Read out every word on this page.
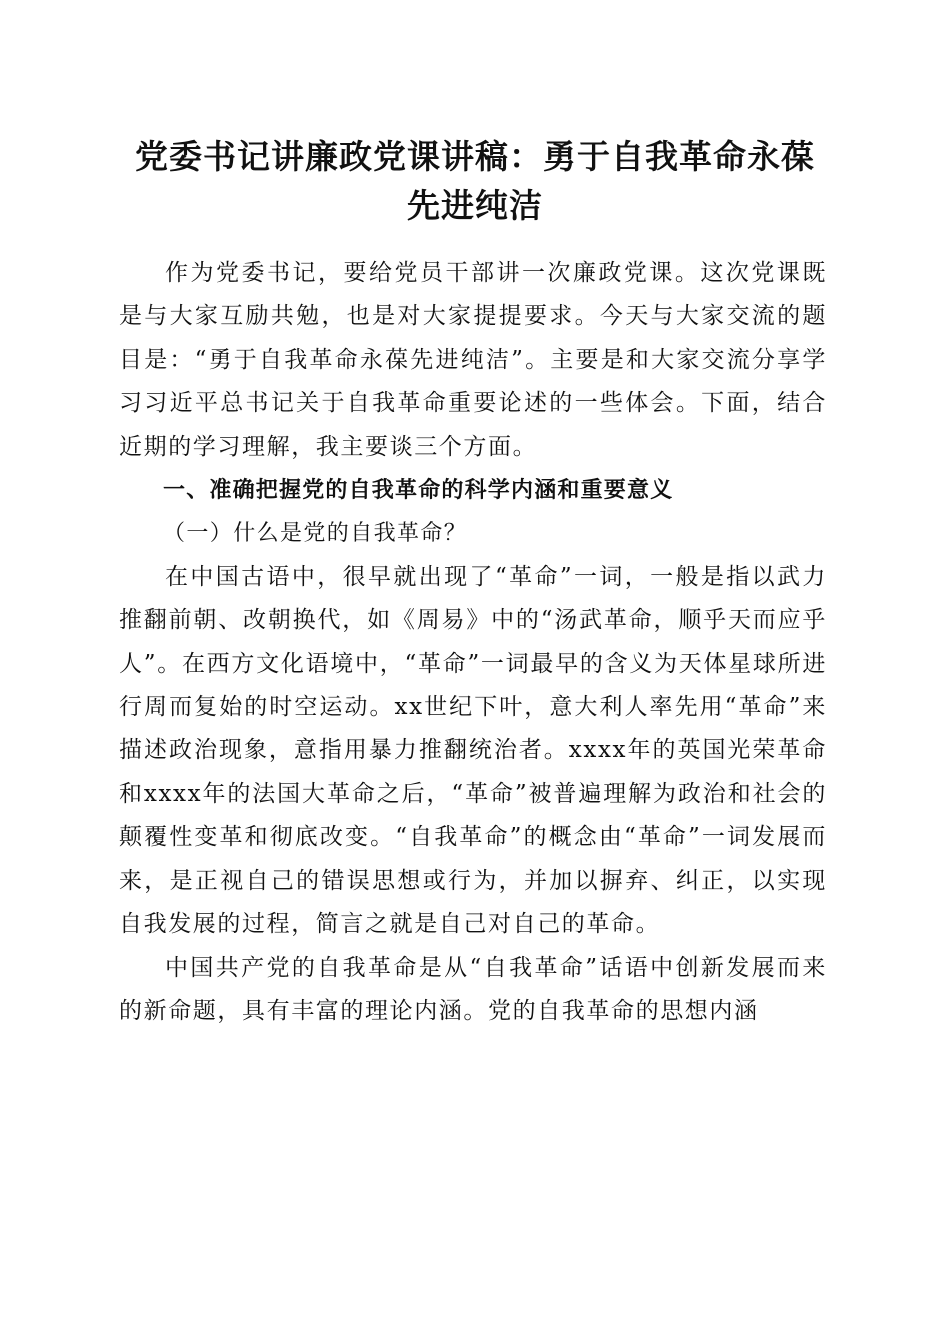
党委书记讲廉政党课讲稿：勇于自我革命永葆
先进纯洁

作为党委书记，要给党员干部讲一次廉政党课。这次党课既是与大家互励共勉，也是对大家提提要求。今天与大家交流的题目是：“勇于自我革命永葆先进纯洁”。主要是和大家交流分享学习习近平总书记关于自我革命重要论述的一些体会。下面，结合近期的学习理解，我主要谈三个方面。

一、准确把握党的自我革命的科学内涵和重要意义

（一）什么是党的自我革命？

在中国古语中，很早就出现了“革命”一词，一般是指以武力推翻前朝、改朝换代，如《周易》中的“汤武革命，顺乎天而应乎人”。在西方文化语境中，“革命”一词最早的含义为天体星球所进行周而复始的时空运动。xx世纪下叶，意大利人率先用“革命”来描述政治现象，意指用暴力推翻统治者。xxxx年的英国光荣革命和xxxx年的法国大革命之后，“革命”被普遍理解为政治和社会的颠覆性变革和彻底改变。“自我革命”的概念由“革命”一词发展而来，是正视自己的错误思想或行为，并加以摒弃、纠正，以实现自我发展的过程，简言之就是自己对自己的革命。

中国共产党的自我革命是从“自我革命”话语中创新发展而来的新命题，具有丰富的理论内涵。党的自我革命的思想内涵
